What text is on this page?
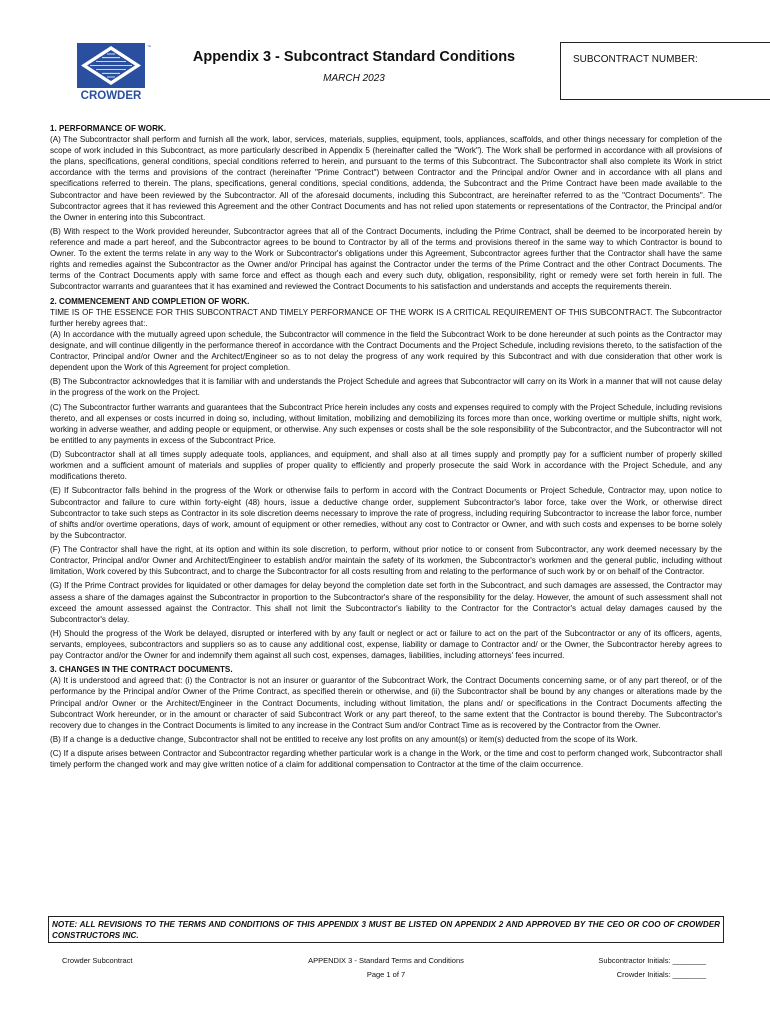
CROWDER
™
Appendix 3 - Subcontract Standard Conditions
MARCH 2023
SUBCONTRACT NUMBER:
1. PERFORMANCE OF WORK.

(A) The Subcontractor shall perform and furnish all the work, labor, services, materials, supplies, equipment, tools, appliances, scaffolds, and other things necessary for completion of the scope of work included in this Subcontract, as more particularly described in Appendix 5 (hereinafter called the "Work"). The Work shall be performed in accordance with all provisions of the plans, specifications, general conditions, special conditions referred to herein, and pursuant to the terms of this Subcontract. The Subcontractor shall also complete its Work in strict accordance with the terms and provisions of the contract (hereinafter "Prime Contract") between Contractor and the Principal and/or Owner and in accordance with all plans and specifications referred to therein. The plans, specifications, general conditions, special conditions, addenda, the Subcontract and the Prime Contract have been made available to the Subcontractor and have been reviewed by the Subcontractor. All of the aforesaid documents, including this Subcontract, are hereinafter referred to as the "Contract Documents". The Subcontractor agrees that it has reviewed this Agreement and the other Contract Documents and has not relied upon statements or representations of the Contractor, the Principal and/or the Owner in entering into this Subcontract.

(B) With respect to the Work provided hereunder, Subcontractor agrees that all of the Contract Documents, including the Prime Contract, shall be deemed to be incorporated herein by reference and made a part hereof, and the Subcontractor agrees to be bound to Contractor by all of the terms and provisions thereof in the same way to which Contractor is bound to Owner. To the extent the terms relate in any way to the Work or Subcontractor's obligations under this Agreement, Subcontractor agrees further that the Contractor shall have the same rights and remedies against the Subcontractor as the Owner and/or Principal has against the Contractor under the terms of the Prime Contract and the other Contract Documents. The terms of the Contract Documents apply with same force and effect as though each and every such duty, obligation, responsibility, right or remedy were set forth herein in full. The Subcontractor warrants and guarantees that it has examined and reviewed the Contract Documents to his satisfaction and understands and accepts the requirements therein.

2. COMMENCEMENT AND COMPLETION OF WORK.

TIME IS OF THE ESSENCE FOR THIS SUBCONTRACT AND TIMELY PERFORMANCE OF THE WORK IS A CRITICAL REQUIREMENT OF THIS SUBCONTRACT. The Subcontractor further hereby agrees that:.

(A) In accordance with the mutually agreed upon schedule, the Subcontractor will commence in the field the Subcontract Work to be done hereunder at such points as the Contractor may designate, and will continue diligently in the performance thereof in accordance with the Contract Documents and the Project Schedule, including revisions thereto, to the satisfaction of the Contractor, Principal and/or Owner and the Architect/Engineer so as to not delay the progress of any work required by this Subcontract and with due consideration that other work is dependent upon the Work of this Agreement for project completion.

(B) The Subcontractor acknowledges that it is familiar with and understands the Project Schedule and agrees that Subcontractor will carry on its Work in a manner that will not cause delay in the progress of the work on the Project.

(C) The Subcontractor further warrants and guarantees that the Subcontract Price herein includes any costs and expenses required to comply with the Project Schedule, including revisions thereto, and all expenses or costs incurred in doing so, including, without limitation, mobilizing and demobilizing its forces more than once, working overtime or multiple shifts, night work, working in adverse weather, and adding people or equipment, or otherwise. Any such expenses or costs shall be the sole responsibility of the Subcontractor, and the Subcontractor will not be entitled to any payments in excess of the Subcontract Price.

(D) Subcontractor shall at all times supply adequate tools, appliances, and equipment, and shall also at all times supply and promptly pay for a sufficient number of properly skilled workmen and a sufficient amount of materials and supplies of proper quality to efficiently and properly prosecute the said Work in accordance with the Project Schedule, and any modifications thereto.

(E) If Subcontractor falls behind in the progress of the Work or otherwise fails to perform in accord with the Contract Documents or Project Schedule, Contractor may, upon notice to Subcontractor and failure to cure within forty-eight (48) hours, issue a deductive change order, supplement Subcontractor's labor force, take over the Work, or otherwise direct Subcontractor to take such steps as Contractor in its sole discretion deems necessary to improve the rate of progress, including requiring Subcontractor to increase the labor force, number of shifts and/or overtime operations, days of work, amount of equipment or other remedies, without any cost to Contractor or Owner, and with such costs and expenses to be borne solely by the Subcontractor.

(F) The Contractor shall have the right, at its option and within its sole discretion, to perform, without prior notice to or consent from Subcontractor, any work deemed necessary by the Contractor, Principal and/or Owner and Architect/Engineer to establish and/or maintain the safety of its workmen, the Subcontractor's workmen and the general public, including without limitation, Work covered by this Subcontract, and to charge the Subcontractor for all costs resulting from and relating to the performance of such work by or on behalf of the Contractor.

(G) If the Prime Contract provides for liquidated or other damages for delay beyond the completion date set forth in the Subcontract, and such damages are assessed, the Contractor may assess a share of the damages against the Subcontractor in proportion to the Subcontractor's share of the responsibility for the delay. However, the amount of such assessment shall not exceed the amount assessed against the Contractor. This shall not limit the Subcontractor's liability to the Contractor for the Contractor's actual delay damages caused by the Subcontractor's delay.

(H) Should the progress of the Work be delayed, disrupted or interfered with by any fault or neglect or act or failure to act on the part of the Subcontractor or any of its officers, agents, servants, employees, subcontractors and suppliers so as to cause any additional cost, expense, liability or damage to Contractor and/ or the Owner, the Subcontractor hereby agrees to pay Contractor and/or the Owner for and indemnify them against all such cost, expenses, damages, liabilities, including attorneys' fees incurred.

3. CHANGES IN THE CONTRACT DOCUMENTS.

(A) It is understood and agreed that: (i) the Contractor is not an insurer or guarantor of the Subcontract Work, the Contract Documents concerning same, or of any part thereof, or of the performance by the Principal and/or Owner of the Prime Contract, as specified therein or otherwise, and (ii) the Subcontractor shall be bound by any changes or alterations made by the Principal and/or Owner or the Architect/Engineer in the Contract Documents, including without limitation, the plans and/ or specifications in the Contract Documents affecting the Subcontract Work hereunder, or in the amount or character of said Subcontract Work or any part thereof, to the same extent that the Contractor is bound thereby. The Subcontractor's recovery due to changes in the Contract Documents is limited to any increase in the Contract Sum and/or Contract Time as is recovered by the Contractor from the Owner.

(B) If a change is a deductive change, Subcontractor shall not be entitled to receive any lost profits on any amount(s) or item(s) deducted from the scope of its Work.

(C) If a dispute arises between Contractor and Subcontractor regarding whether particular work is a change in the Work, or the time and cost to perform changed work, Subcontractor shall timely perform the changed work and may give written notice of a claim for additional compensation to Contractor at the time of the claim occurrence.

NOTE: ALL REVISIONS TO THE TERMS AND CONDITIONS OF THIS APPENDIX 3 MUST BE LISTED ON APPENDIX 2 AND APPROVED BY THE CEO OR COO OF CROWDER CONSTRUCTORS INC.
Crowder Subcontract	APPENDIX 3 - Standard Terms and Conditions
Page 1 of 7
Subcontractor Initials: ________
Crowder Initials: ________
